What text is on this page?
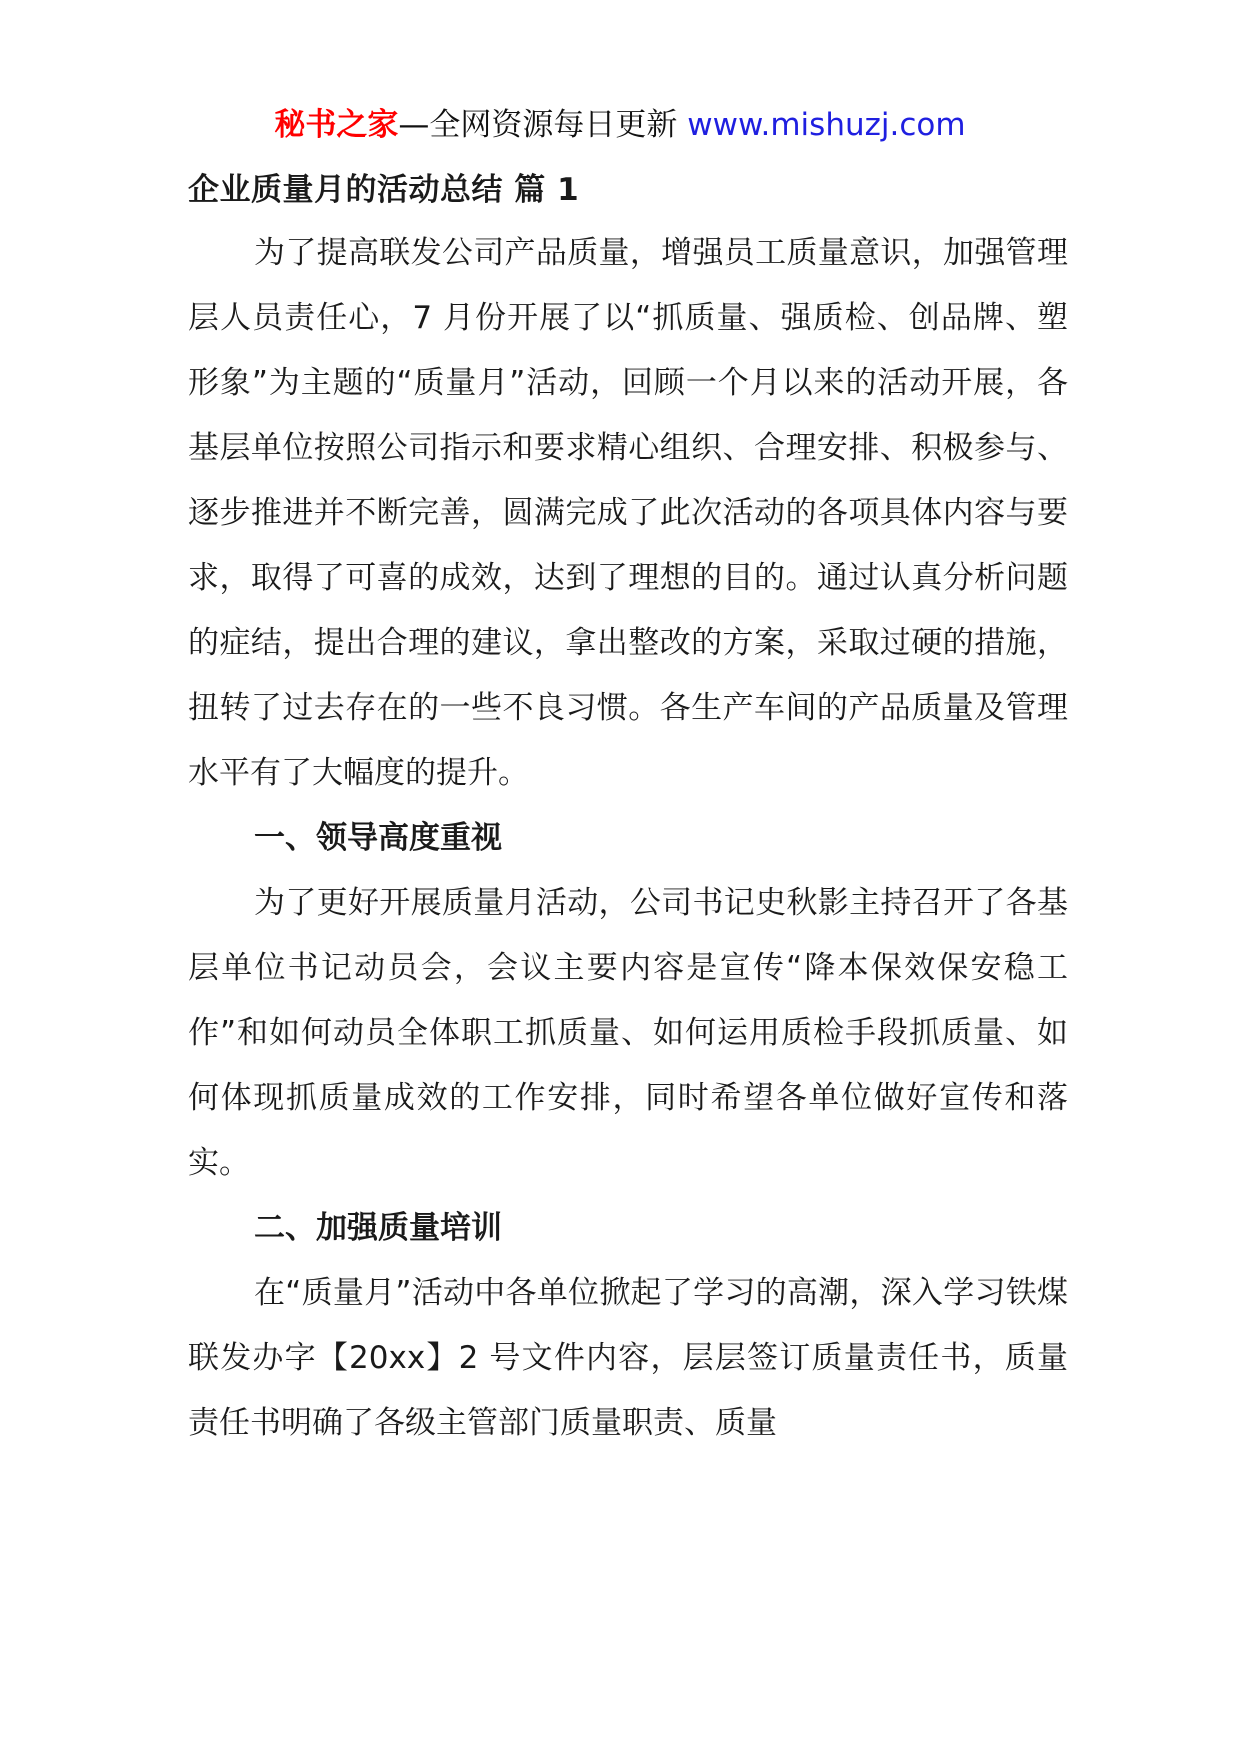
秘书之家—全网资源每日更新 www.mishuzj.com

企业质量月的活动总结 篇 1

为了提高联发公司产品质量，增强员工质量意识，加强管理层人员责任心，7 月份开展了以“抓质量、强质检、创品牌、塑形象”为主题的“质量月”活动，回顾一个月以来的活动开展，各基层单位按照公司指示和要求精心组织、合理安排、积极参与、逐步推进并不断完善，圆满完成了此次活动的各项具体内容与要求，取得了可喜的成效，达到了理想的目的。通过认真分析问题的症结，提出合理的建议，拿出整改的方案，采取过硬的措施，扭转了过去存在的一些不良习惯。各生产车间的产品质量及管理水平有了大幅度的提升。

一、领导高度重视

为了更好开展质量月活动，公司书记史秋影主持召开了各基层单位书记动员会，会议主要内容是宣传“降本保效保安稳工作”和如何动员全体职工抓质量、如何运用质检手段抓质量、如何体现抓质量成效的工作安排，同时希望各单位做好宣传和落实。

二、加强质量培训

在“质量月”活动中各单位掀起了学习的高潮，深入学习铁煤联发办字【20xx】2 号文件内容，层层签订质量责任书，质量责任书明确了各级主管部门质量职责、质量
